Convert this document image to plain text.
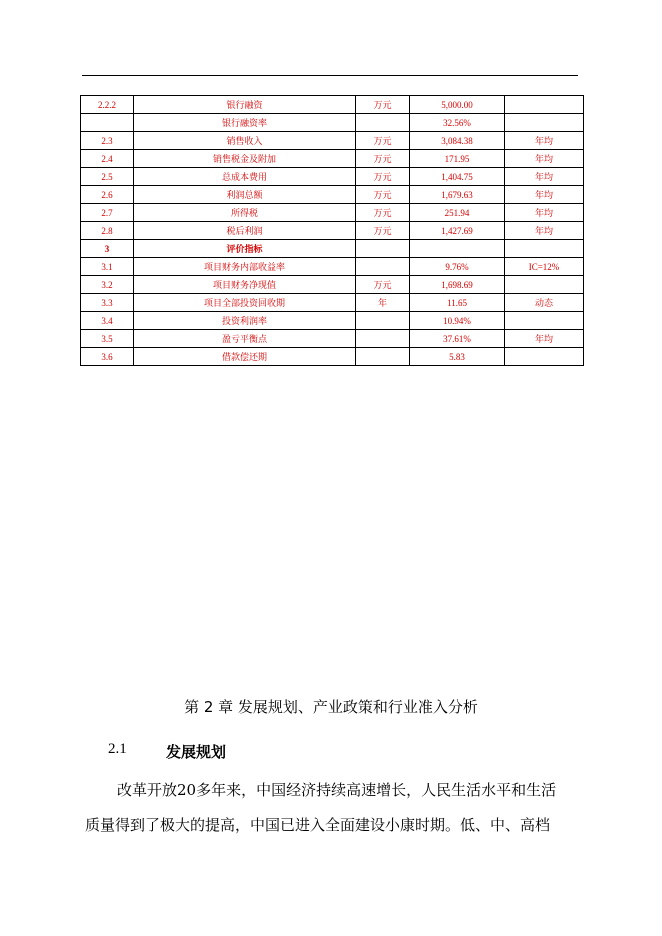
2.2.2	银行融资	万元	5,000.00	
	银行融资率		32.56%	
2.3	销售收入	万元	3,084.38	年均
2.4	销售税金及附加	万元	171.95	年均
2.5	总成本费用	万元	1,404.75	年均
2.6	利润总额	万元	1,679.63	年均
2.7	所得税	万元	251.94	年均
2.8	税后利润	万元	1,427.69	年均
3	评价指标			
3.1	项目财务内部收益率		9.76%	IC=12%
3.2	项目财务净现值	万元	1,698.69	
3.3	项目全部投资回收期	年	11.65	动态
3.4	投资利润率		10.94%	
3.5	盈亏平衡点		37.61%	年均
3.6	借款偿还期		5.83	
第 2 章 发展规划、产业政策和行业准入分析
2.1	发展规划
改革开放20多年来，中国经济持续高速增长，人民生活水平和生活
质量得到了极大的提高，中国已进入全面建设小康时期。低、中、高档
